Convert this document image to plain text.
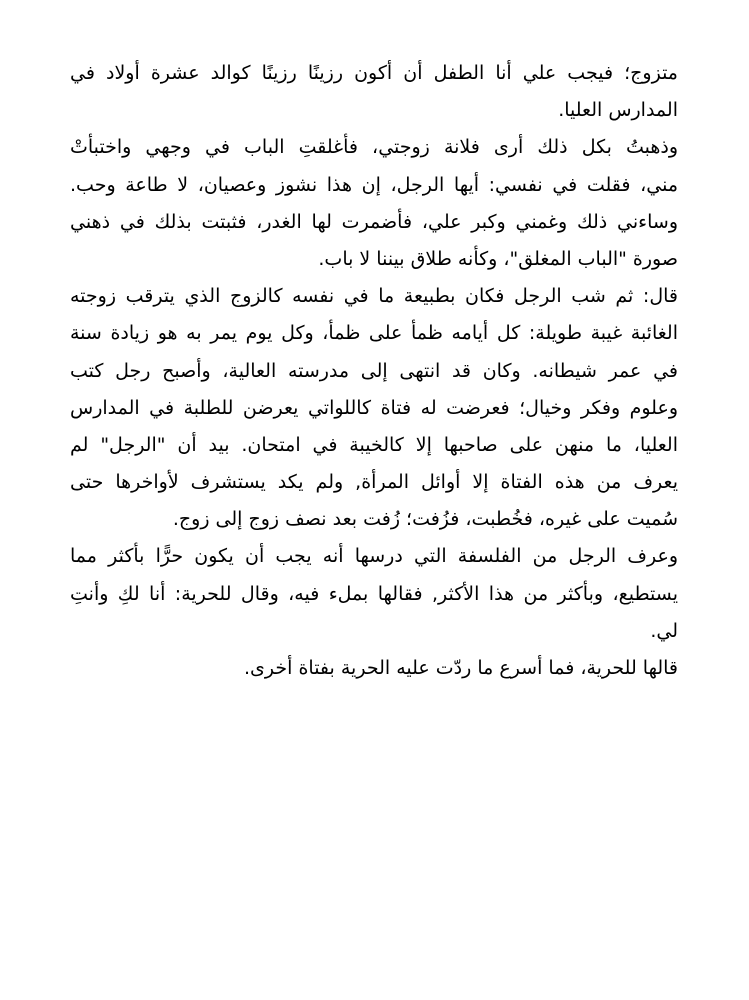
متزوج؛ فيجب علي أنا الطفل أن أكون رزينًا رزينًا كوالد عشرة أولاد في
المدارس العليا.
وذهبتُ بكل ذلك أرى فلانة زوجتي، فأغلقتِ الباب في وجهي واختبأتْ
مني، فقلت في نفسي: أيها الرجل، إن هذا نشوز وعصيان، لا طاعة وحب.
وساءني ذلك وغمني وكبر علي، فأضمرت لها الغدر، فثبتت بذلك في ذهني
صورة "الباب المغلق"، وكأنه طلاق بيننا لا باب.
قال: ثم شب الرجل فكان بطبيعة ما في نفسه كالزوج الذي يترقب زوجته
الغائبة غيبة طويلة: كل أيامه ظمأ على ظمأ، وكل يوم يمر به هو زيادة سنة
في عمر شيطانه. وكان قد انتهى إلى مدرسته العالية، وأصبح رجل كتب
وعلوم وفكر وخيال؛ فعرضت له فتاة كاللواتي يعرضن للطلبة في المدارس
العليا، ما منهن على صاحبها إلا كالخيبة في امتحان. بيد أن "الرجل" لم
يعرف من هذه الفتاة إلا أوائل المرأة, ولم يكد يستشرف لأواخرها حتى
سُميت على غيره، فخُطبت، فزُفت؛ زُفت بعد نصف زوج إلى زوج.
وعرف الرجل من الفلسفة التي درسها أنه يجب أن يكون حرًّا بأكثر مما
يستطيع، وبأكثر من هذا الأكثر, فقالها بملء فيه، وقال للحرية: أنا لكِ وأنتِ
لي.
قالها للحرية، فما أسرع ما ردّت عليه الحرية بفتاة أخرى.
